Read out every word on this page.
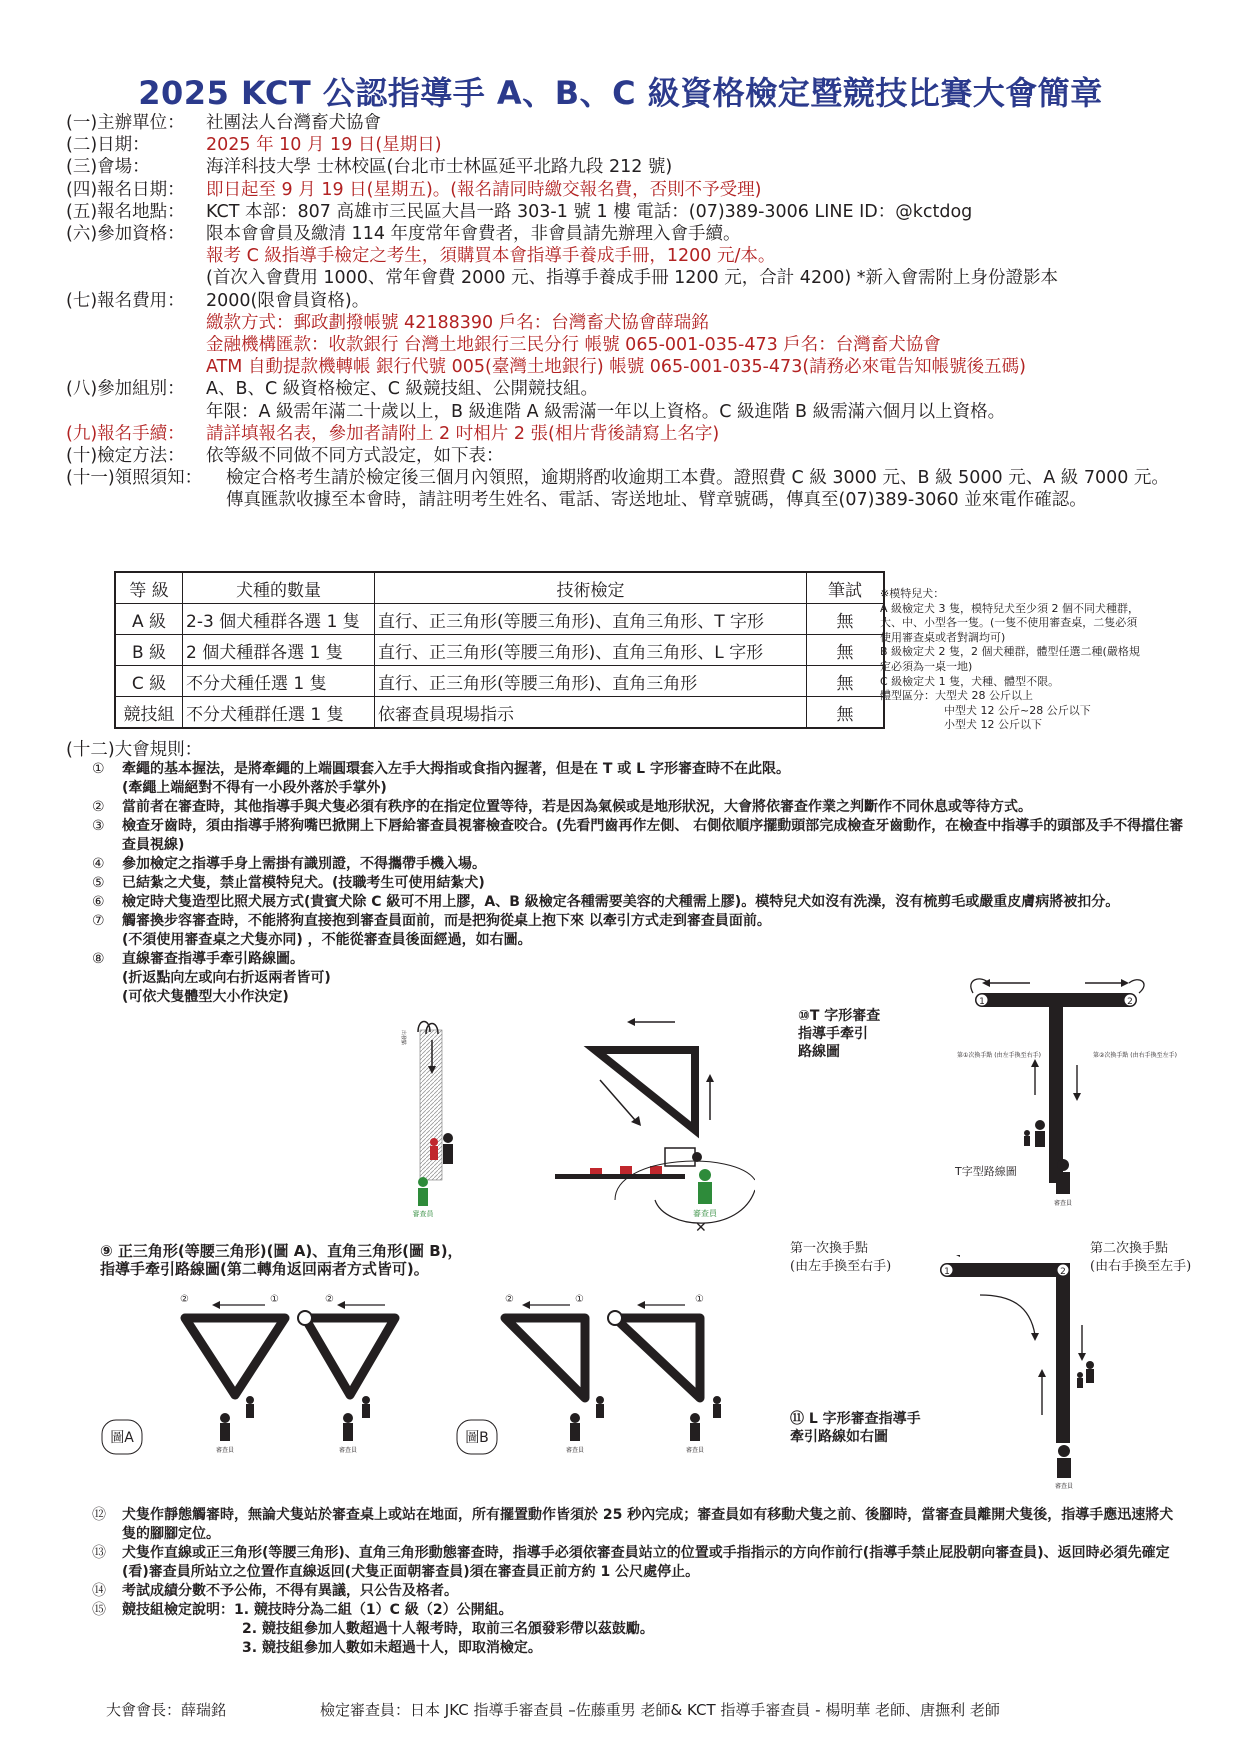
2025 KCT 公認指導手 A、B、C 級資格檢定暨競技比賽大會簡章
(一)主辦單位：	社團法人台灣畜犬協會
(二)日期：	2025 年 10 月 19 日(星期日)
(三)會場：	海洋科技大學 士林校區(台北市士林區延平北路九段 212 號)
(四)報名日期：	即日起至 9 月 19 日(星期五)。(報名請同時繳交報名費，否則不予受理)
(五)報名地點：	KCT 本部：807 高雄市三民區大昌一路 303-1 號 1 樓 電話：(07)389-3006 LINE ID：@kctdog
(六)參加資格：	限本會會員及繳清 114 年度常年會費者，非會員請先辦理入會手續。
報考 C 級指導手檢定之考生，須購買本會指導手養成手冊，1200 元/本。
(首次入會費用 1000、常年會費 2000 元、指導手養成手冊 1200 元，合計 4200) *新入會需附上身份證影本
(七)報名費用：	2000(限會員資格)。
繳款方式：郵政劃撥帳號 42188390 戶名：台灣畜犬協會薛瑞銘
金融機構匯款：收款銀行 台灣土地銀行三民分行 帳號 065-001-035-473 戶名：台灣畜犬協會
ATM 自動提款機轉帳 銀行代號 005(臺灣土地銀行) 帳號 065-001-035-473(請務必來電告知帳號後五碼)
(八)參加組別：	A、B、C 級資格檢定、C 級競技組、公開競技組。
年限：A 級需年滿二十歲以上，B 級進階 A 級需滿一年以上資格。C 級進階 B 級需滿六個月以上資格。
(九)報名手續：	請詳填報名表，參加者請附上 2 吋相片 2 張(相片背後請寫上名字)
(十)檢定方法：	依等級不同做不同方式設定，如下表：
(十一)領照須知：	檢定合格考生請於檢定後三個月內領照，逾期將酌收逾期工本費。證照費 C 級 3000 元、B 級 5000 元、A 級 7000 元。傳真匯款收據至本會時，請註明考生姓名、電話、寄送地址、臂章號碼，傳真至(07)389-3060 並來電作確認。
等 級	犬種的數量	技術檢定	筆試
A 級	2-3 個犬種群各選 1 隻	直行、正三角形(等腰三角形)、直角三角形、T 字形	無
B 級	2 個犬種群各選 1 隻	直行、正三角形(等腰三角形)、直角三角形、L 字形	無
C 級	不分犬種任選 1 隻	直行、正三角形(等腰三角形)、直角三角形	無
競技組	不分犬種群任選 1 隻	依審查員現場指示	無
※模特兒犬：
A 級檢定犬 3 隻，模特兒犬至少須 2 個不同犬種群，
大、中、小型各一隻。(一隻不使用審查桌，二隻必須
使用審查桌或者對調均可)
B 級檢定犬 2 隻，2 個犬種群，體型任選二種(嚴格規
定必須為一桌一地)
C 級檢定犬 1 隻，犬種、體型不限。
體型區分：大型犬 28 公斤以上
中型犬 12 公斤~28 公斤以下
小型犬 12 公斤以下
(十二)大會規則：
①	牽繩的基本握法，是將牽繩的上端圓環套入左手大拇指或食指內握著，但是在 T 或 L 字形審查時不在此限。
(牽繩上端絕對不得有一小段外落於手掌外)
②	當前者在審查時，其他指導手與犬隻必須有秩序的在指定位置等待，若是因為氣候或是地形狀況，大會將依審查作業之判斷作不同休息或等待方式。
③	檢查牙齒時，須由指導手將狗嘴巴掀開上下唇給審查員視審檢查咬合。(先看門齒再作左側、 右側依順序擺動頭部完成檢查牙齒動作，在檢查中指導手的頭部及手不得擋住審查員視線)
④	參加檢定之指導手身上需掛有識別證，不得攜帶手機入場。
⑤	已結紮之犬隻，禁止當模特兒犬。(技職考生可使用結紮犬)
⑥	檢定時犬隻造型比照犬展方式(貴賓犬除 C 級可不用上膠，A、B 級檢定各種需要美容的犬種需上膠)。模特兒犬如沒有洗澡，沒有梳剪毛或嚴重皮膚病將被扣分。
⑦	觸審換步容審查時，不能將狗直接抱到審查員面前，而是把狗從桌上抱下來 以牽引方式走到審查員面前。
(不須使用審查桌之犬隻亦同) ，不能從審查員後面經過，如右圖。
⑧	直線審查指導手牽引路線圖。
(折返點向左或向右折返兩者皆可)
(可依犬隻體型大小作決定)
審查員
出發點
審查員
✕
⑩T 字形審查
指導手牽引
路線圖
1	2
第①次換手點 (由左手換至右手)	第②次換手點 (由右手換至左手)
審查員
T字型路線圖
⑨ 正三角形(等腰三角形)(圖 A)、直角三角形(圖 B)，
指導手牽引路線圖(第二轉角返回兩者方式皆可)。
②	①	②
審查員	審查員
圖A
②	①	①
審查員	審查員
圖B
第一次換手點
(由左手換至右手)
第二次換手點
(由右手換至左手)
⑪ L 字形審查指導手
牽引路線如右圖
1	2
審查員
⑫	犬隻作靜態觸審時，無論犬隻站於審查桌上或站在地面，所有擺置動作皆須於 25 秒內完成；審查員如有移動犬隻之前、後腳時，當審查員離開犬隻後，指導手應迅速將犬隻的腳腳定位。
⑬	犬隻作直線或正三角形(等腰三角形)、直角三角形動態審查時，指導手必須依審查員站立的位置或手指指示的方向作前行(指導手禁止屁股朝向審查員)、返回時必須先確定(看)審查員所站立之位置作直線返回(犬隻正面朝審查員)須在審查員正前方約 1 公尺處停止。
⑭	考試成績分數不予公佈，不得有異議，只公告及格者。
⑮	競技組檢定說明：1. 競技時分為二組（1）C 級（2）公開組。
2. 競技組參加人數超過十人報考時，取前三名頒發彩帶以茲鼓勵。
3. 競技組參加人數如未超過十人，即取消檢定。
大會會長：薛瑞銘	檢定審查員：日本 JKC 指導手審查員 –佐藤重男 老師& KCT 指導手審查員 - 楊明華 老師、唐撫利 老師
